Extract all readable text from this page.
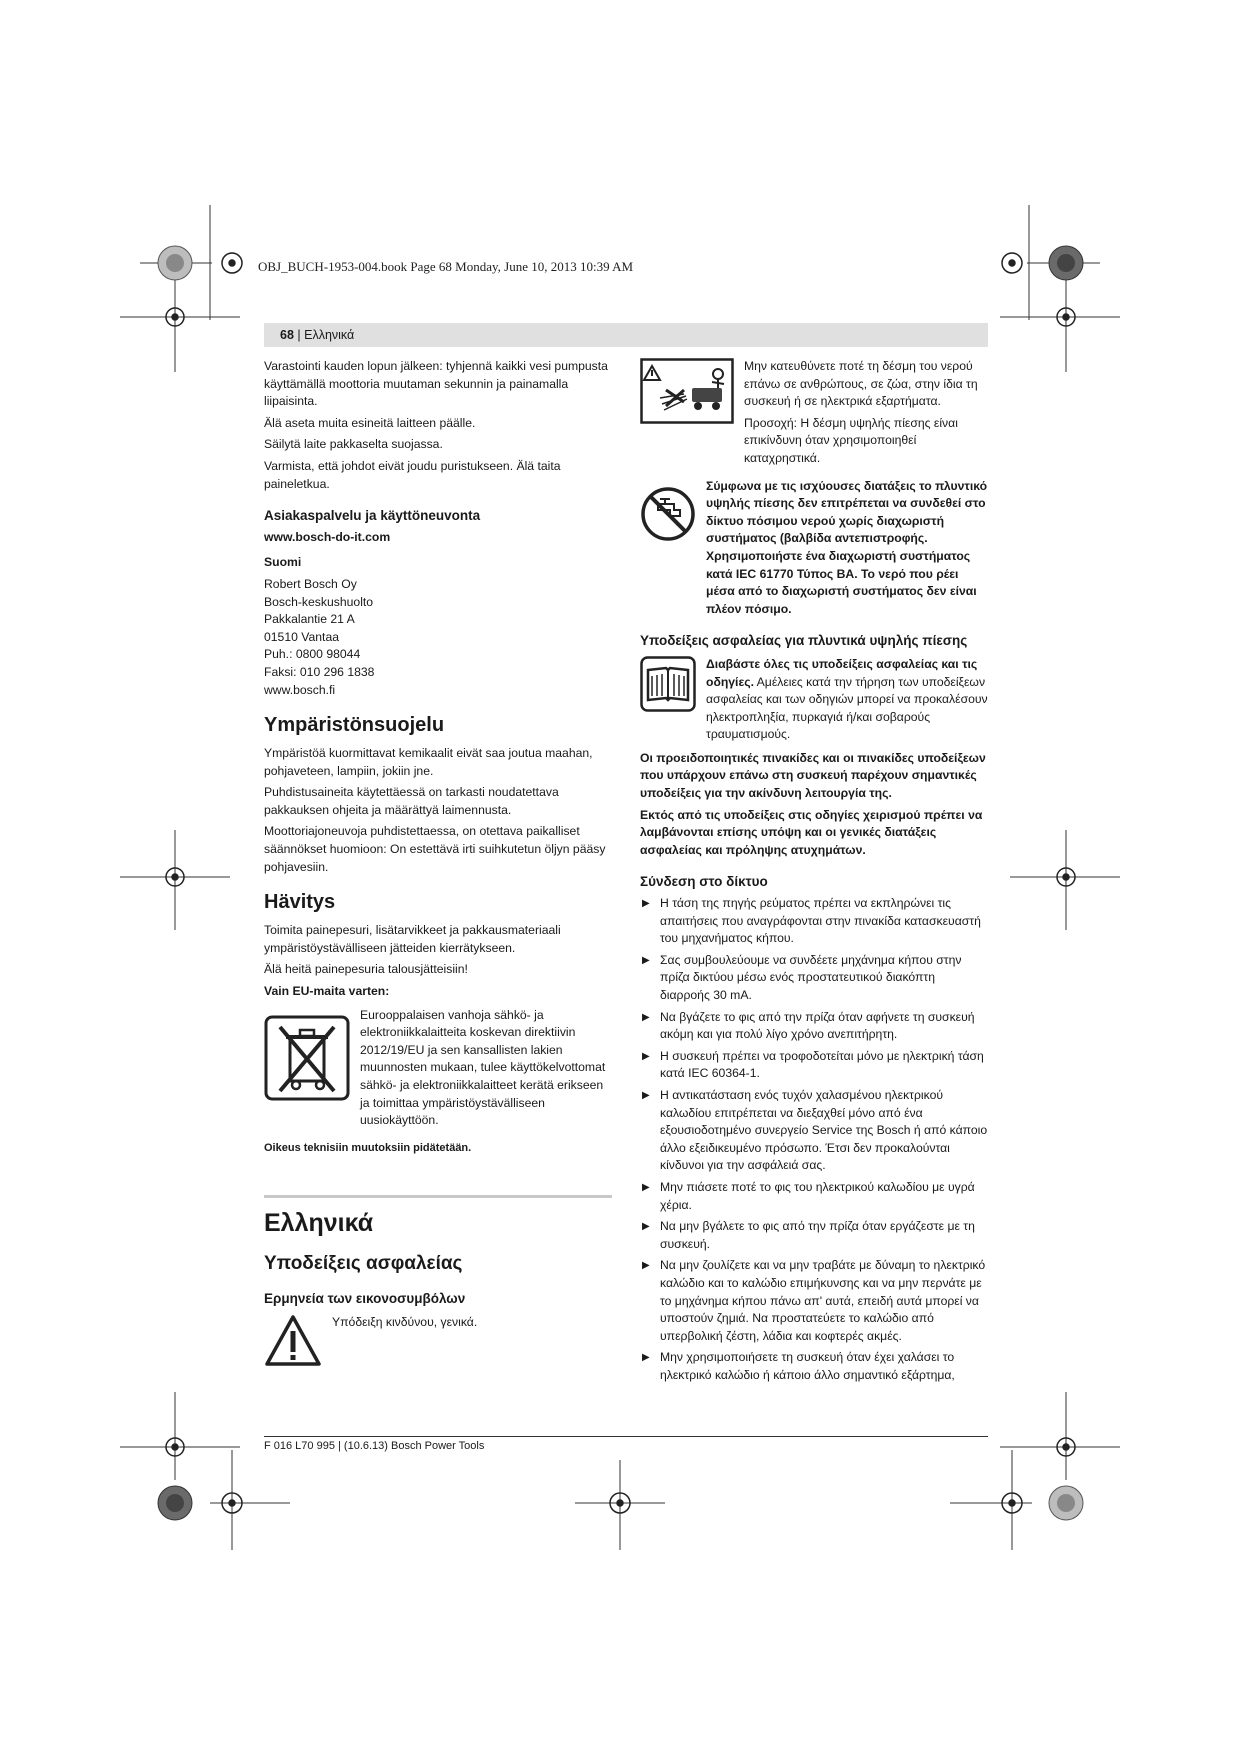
OBJ_BUCH-1953-004.book Page 68 Monday, June 10, 2013 10:39 AM
68 | Ελληνικά

Varastointi kauden lopun jälkeen: tyhjennä kaikki vesi pumpusta käyttämällä moottoria muutaman sekunnin ja painamalla liipaisinta.

Älä aseta muita esineitä laitteen päälle.

Säilytä laite pakkaselta suojassa.

Varmista, että johdot eivät joudu puristukseen. Älä taita paineletkua.

Asiakaspalvelu ja käyttöneuvonta

www.bosch-do-it.com

Suomi

Robert Bosch Oy
Bosch-keskushuolto
Pakkalantie 21 A
01510 Vantaa
Puh.: 0800 98044
Faksi: 010 296 1838
www.bosch.fi
Ympäristönsuojelu

Ympäristöä kuormittavat kemikaalit eivät saa joutua maahan, pohjaveteen, lampiin, jokiin jne.

Puhdistusaineita käytettäessä on tarkasti noudatettava pakkauksen ohjeita ja määrättyä laimennusta.

Moottoriajoneuvoja puhdistettaessa, on otettava paikalliset säännökset huomioon: On estettävä irti suihkutetun öljyn pääsy pohjavesiin.

Hävitys

Toimita painepesuri, lisätarvikkeet ja pakkausmateriaali ympäristöystävälliseen jätteiden kierrätykseen.

Älä heitä painepesuria talousjätteisiin!

Vain EU-maita varten:

Eurooppalaisen vanhoja sähkö- ja elektroniikkalaitteita koskevan direktiivin 2012/19/EU ja sen kansallisten lakien muunnosten mukaan, tulee käyttökelvottomat sähkö- ja elektroniikkalaitteet kerätä erikseen ja toimittaa ympäristöystävälliseen uusiokäyttöön.

Oikeus teknisiin muutoksiin pidätetään.

Ελληνικά
Υποδείξεις ασφαλείας
Ερμηνεία των εικονοσυμβόλων
Υπόδειξη κινδύνου, γενικά.

Μην κατευθύνετε ποτέ τη δέσμη του νερού επάνω σε ανθρώπους, σε ζώα, στην ίδια τη συσκευή ή σε ηλεκτρικά εξαρτήματα.

Προσοχή: Η δέσμη υψηλής πίεσης είναι επικίνδυνη όταν χρησιμοποιηθεί καταχρηστικά.

Σύμφωνα με τις ισχύουσες διατάξεις το πλυντικό υψηλής πίεσης δεν επιτρέπεται να συνδεθεί στο δίκτυο πόσιμου νερού χωρίς διαχωριστή συστήματος (βαλβίδα αντεπιστροφής. Χρησιμοποιήστε ένα διαχωριστή συστήματος κατά IEC 61770 Τύπος ΒΑ. Το νερό που ρέει μέσα από το διαχωριστή συστήματος δεν είναι πλέον πόσιμο.
Υποδείξεις ασφαλείας για πλυντικά υψηλής πίεσης
Διαβάστε όλες τις υποδείξεις ασφαλείας και τις οδηγίες. Αμέλειες κατά την τήρηση των υποδείξεων ασφαλείας και των οδηγιών μπορεί να προκαλέσουν ηλεκτροπληξία, πυρκαγιά ή/και σοβαρούς τραυματισμούς.

Οι προειδοποιητικές πινακίδες και οι πινακίδες υποδείξεων που υπάρχουν επάνω στη συσκευή παρέχουν σημαντικές υποδείξεις για την ακίνδυνη λειτουργία της.

Εκτός από τις υποδείξεις στις οδηγίες χειρισμού πρέπει να λαμβάνονται επίσης υπόψη και οι γενικές διατάξεις ασφαλείας και πρόληψης ατυχημάτων.

Σύνδεση στο δίκτυο
▶ Η τάση της πηγής ρεύματος πρέπει να εκπληρώνει τις απαιτήσεις που αναγράφονται στην πινακίδα κατασκευαστή του μηχανήματος κήπου.
▶ Σας συμβουλεύουμε να συνδέετε μηχάνημα κήπου στην πρίζα δικτύου μέσω ενός προστατευτικού διακόπτη διαρροής 30 mA.
▶ Να βγάζετε το φις από την πρίζα όταν αφήνετε τη συσκευή ακόμη και για πολύ λίγο χρόνο ανεπιτήρητη.
▶ Η συσκευή πρέπει να τροφοδοτείται μόνο με ηλεκτρική τάση κατά IEC 60364-1.
▶ Η αντικατάσταση ενός τυχόν χαλασμένου ηλεκτρικού καλωδίου επιτρέπεται να διεξαχθεί μόνο από ένα εξουσιοδοτημένο συνεργείο Service της Bosch ή από κάποιο άλλο εξειδικευμένο πρόσωπο. Έτσι δεν προκαλούνται κίνδυνοι για την ασφάλειά σας.
▶ Μην πιάσετε ποτέ το φις του ηλεκτρικού καλωδίου με υγρά χέρια.
▶ Να μην βγάλετε το φις από την πρίζα όταν εργάζεστε με τη συσκευή.
▶ Να μην ζουλίζετε και να μην τραβάτε με δύναμη το ηλεκτρικό καλώδιο και το καλώδιο επιμήκυνσης και να μην περνάτε με το μηχάνημα κήπου πάνω απ' αυτά, επειδή αυτά μπορεί να υποστούν ζημιά. Να προστατεύετε το καλώδιο από υπερβολική ζέστη, λάδια και κοφτερές ακμές.
▶ Μην χρησιμοποιήσετε τη συσκευή όταν έχει χαλάσει το ηλεκτρικό καλώδιο ή κάποιο άλλο σημαντικό εξάρτημα,
F 016 L70 995 | (10.6.13) Bosch Power Tools
